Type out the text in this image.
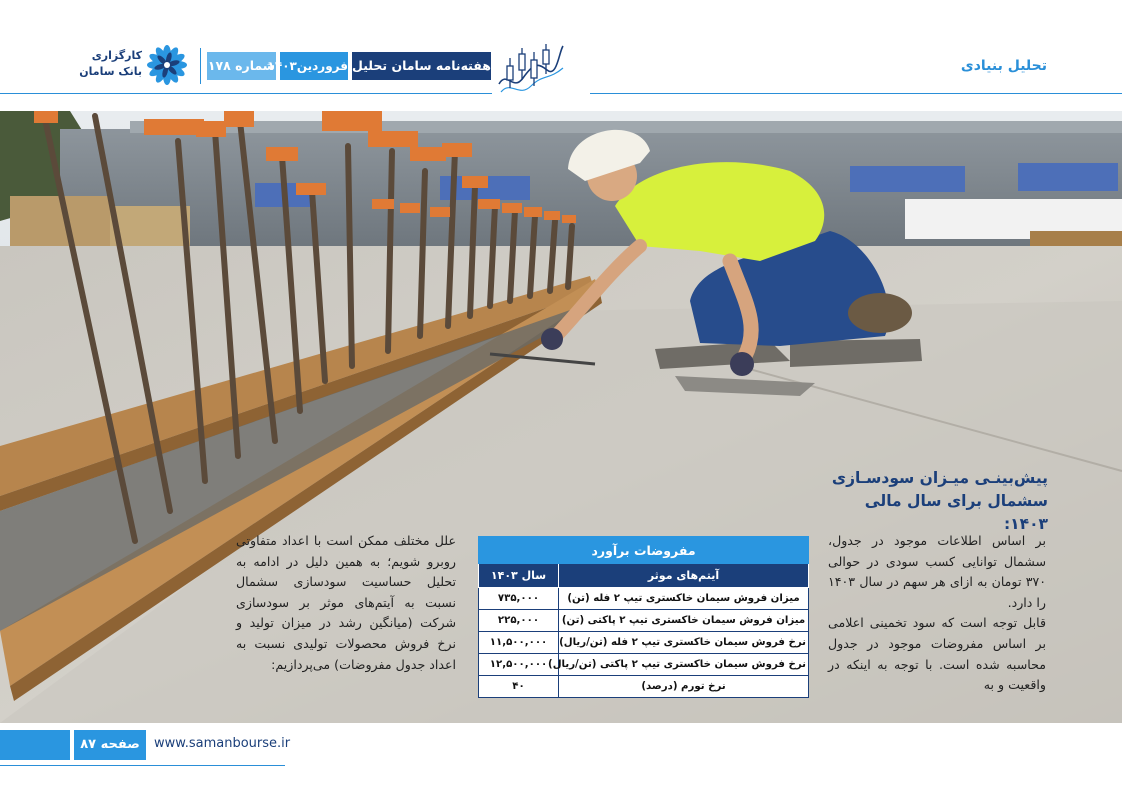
کارگزاری
بانک سامان	شماره ۱۷۸
فروردین۱۴۰۳ هفته‌نامه سامان تحلیل	تحلیل بنیادی
پیش‌بینـی میـزان سودسـازی
سشمال برای سال مالی ۱۴۰۳:

بر اساس اطلاعات موجود در جدول، سشمال توانایی کسب سودی در حوالی ۳۷۰ تومان به ازای هر سهم در سال ۱۴۰۳ را دارد.

قابل توجه است که سود تخمینی اعلامی بر اساس مفروضات موجود در جدول محاسبه شده است. با توجه به اینکه در واقعیت و به

علل مختلف ممکن است با اعداد متفاوتی روبرو شویم؛ به همین دلیل در ادامه به تحلیل حساسیت سودسازی سشمال نسبت به آیتم‌های موثر بر سودسازی شرکت (میانگین رشد در میزان تولید و نرخ فروش محصولات تولیدی نسبت به اعداد جدول مفروضات) می‌پردازیم:

مفروضات برآورد	
آیتم‌های موثر	سال ۱۴۰۳
میزان فروش سیمان خاکستری تیپ ۲ فله (تن)	۷۳۵,۰۰۰
میزان فروش سیمان خاکستری تیپ ۲ پاکتی (تن)	۲۲۵,۰۰۰
نرخ فروش سیمان خاکستری تیپ ۲ فله (تن/ریال)	۱۱,۵۰۰,۰۰۰
نرخ فروش سیمان خاکستری تیپ ۲ پاکتی (تن/ریال)	۱۲,۵۰۰,۰۰۰
نرخ تورم (درصد)	۴۰
صفحه ۸۷	www.samanbourse.ir
